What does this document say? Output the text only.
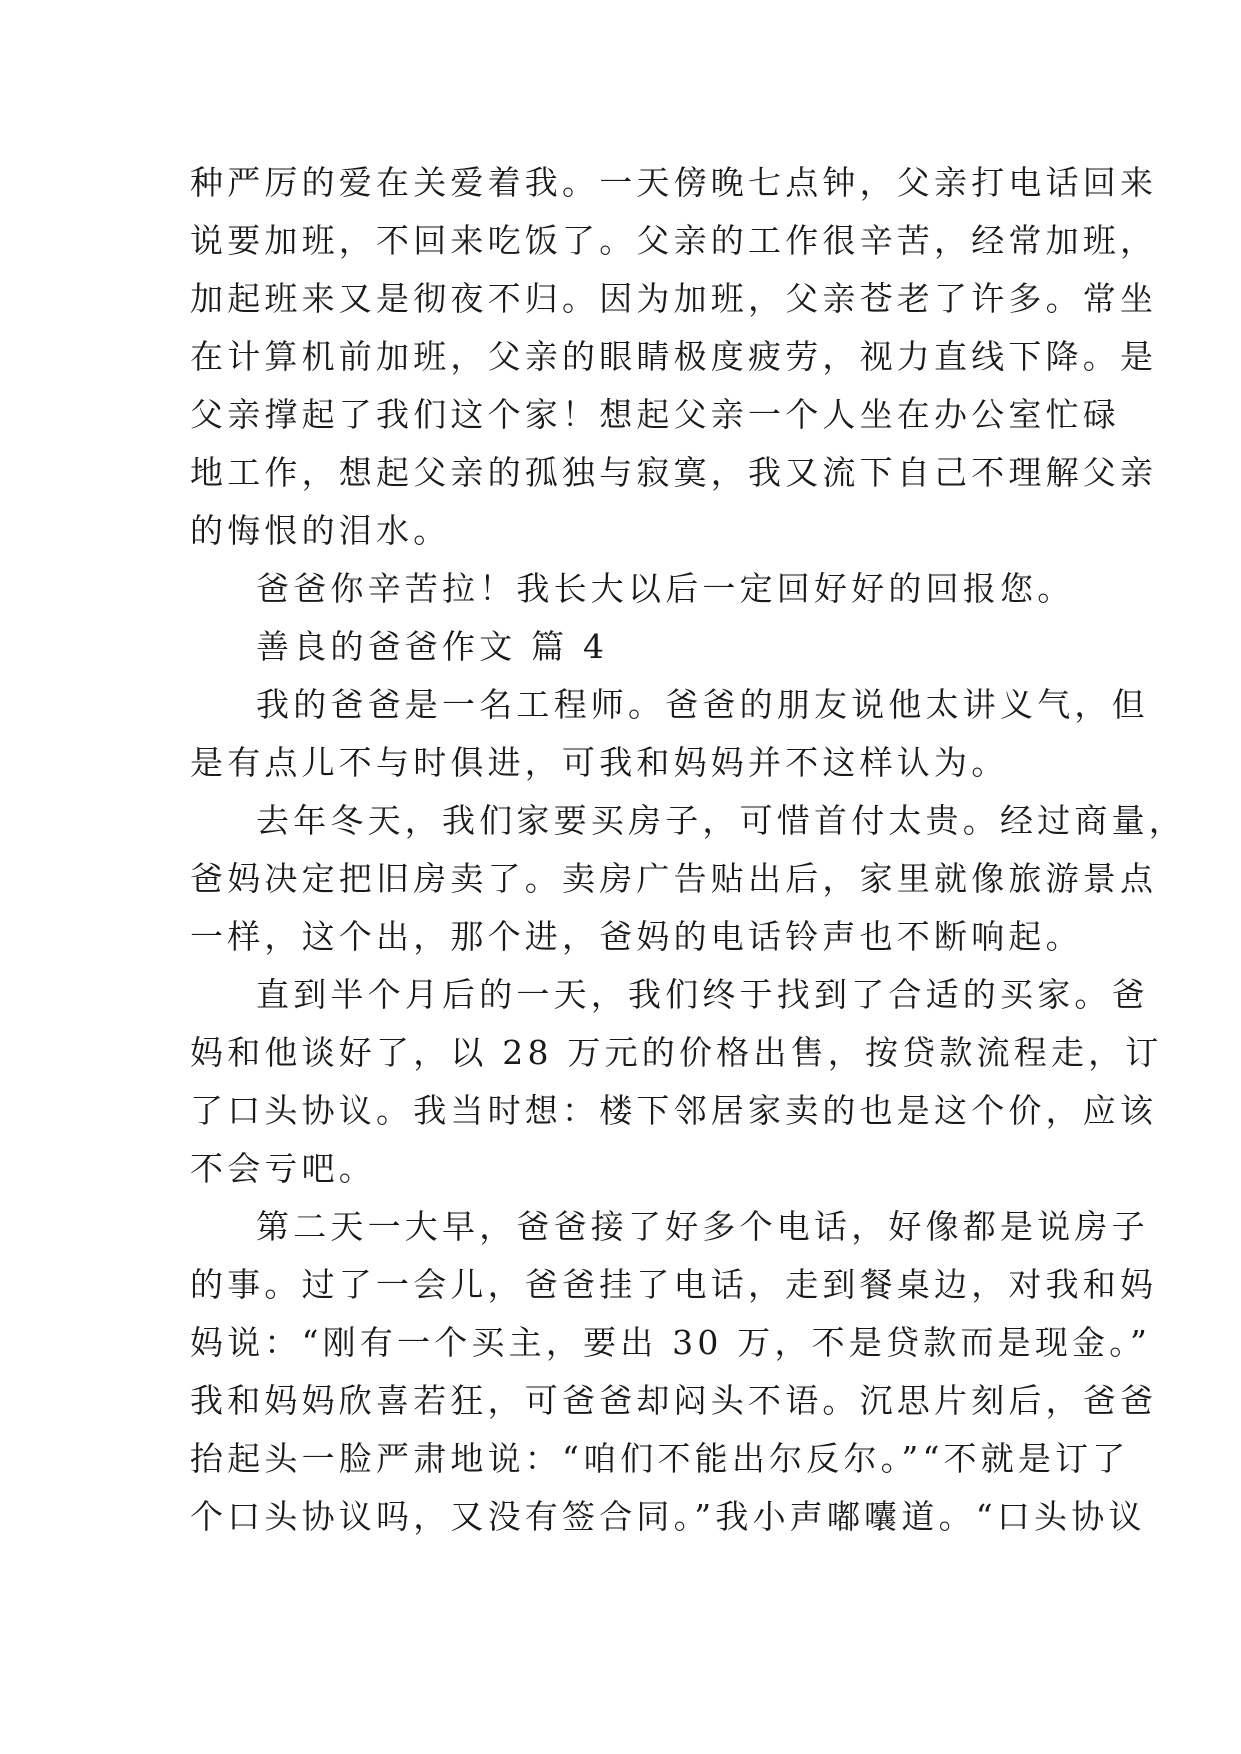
种严厉的爱在关爱着我。一天傍晚七点钟，父亲打电话回来
说要加班，不回来吃饭了。父亲的工作很辛苦，经常加班，
加起班来又是彻夜不归。因为加班，父亲苍老了许多。常坐
在计算机前加班，父亲的眼睛极度疲劳，视力直线下降。是
父亲撑起了我们这个家！想起父亲一个人坐在办公室忙碌
地工作，想起父亲的孤独与寂寞，我又流下自己不理解父亲
的悔恨的泪水。
爸爸你辛苦拉！我长大以后一定回好好的回报您。
善良的爸爸作文 篇 4
我的爸爸是一名工程师。爸爸的朋友说他太讲义气，但
是有点儿不与时俱进，可我和妈妈并不这样认为。
去年冬天，我们家要买房子，可惜首付太贵。经过商量，
爸妈决定把旧房卖了。卖房广告贴出后，家里就像旅游景点
一样，这个出，那个进，爸妈的电话铃声也不断响起。
直到半个月后的一天，我们终于找到了合适的买家。爸
妈和他谈好了，以 28 万元的价格出售，按贷款流程走，订
了口头协议。我当时想：楼下邻居家卖的也是这个价，应该
不会亏吧。
第二天一大早，爸爸接了好多个电话，好像都是说房子
的事。过了一会儿，爸爸挂了电话，走到餐桌边，对我和妈
妈说：“刚有一个买主，要出 30 万，不是贷款而是现金。”
我和妈妈欣喜若狂，可爸爸却闷头不语。沉思片刻后，爸爸
抬起头一脸严肃地说：“咱们不能出尔反尔。”“不就是订了
个口头协议吗，又没有签合同。”我小声嘟囔道。“口头协议
